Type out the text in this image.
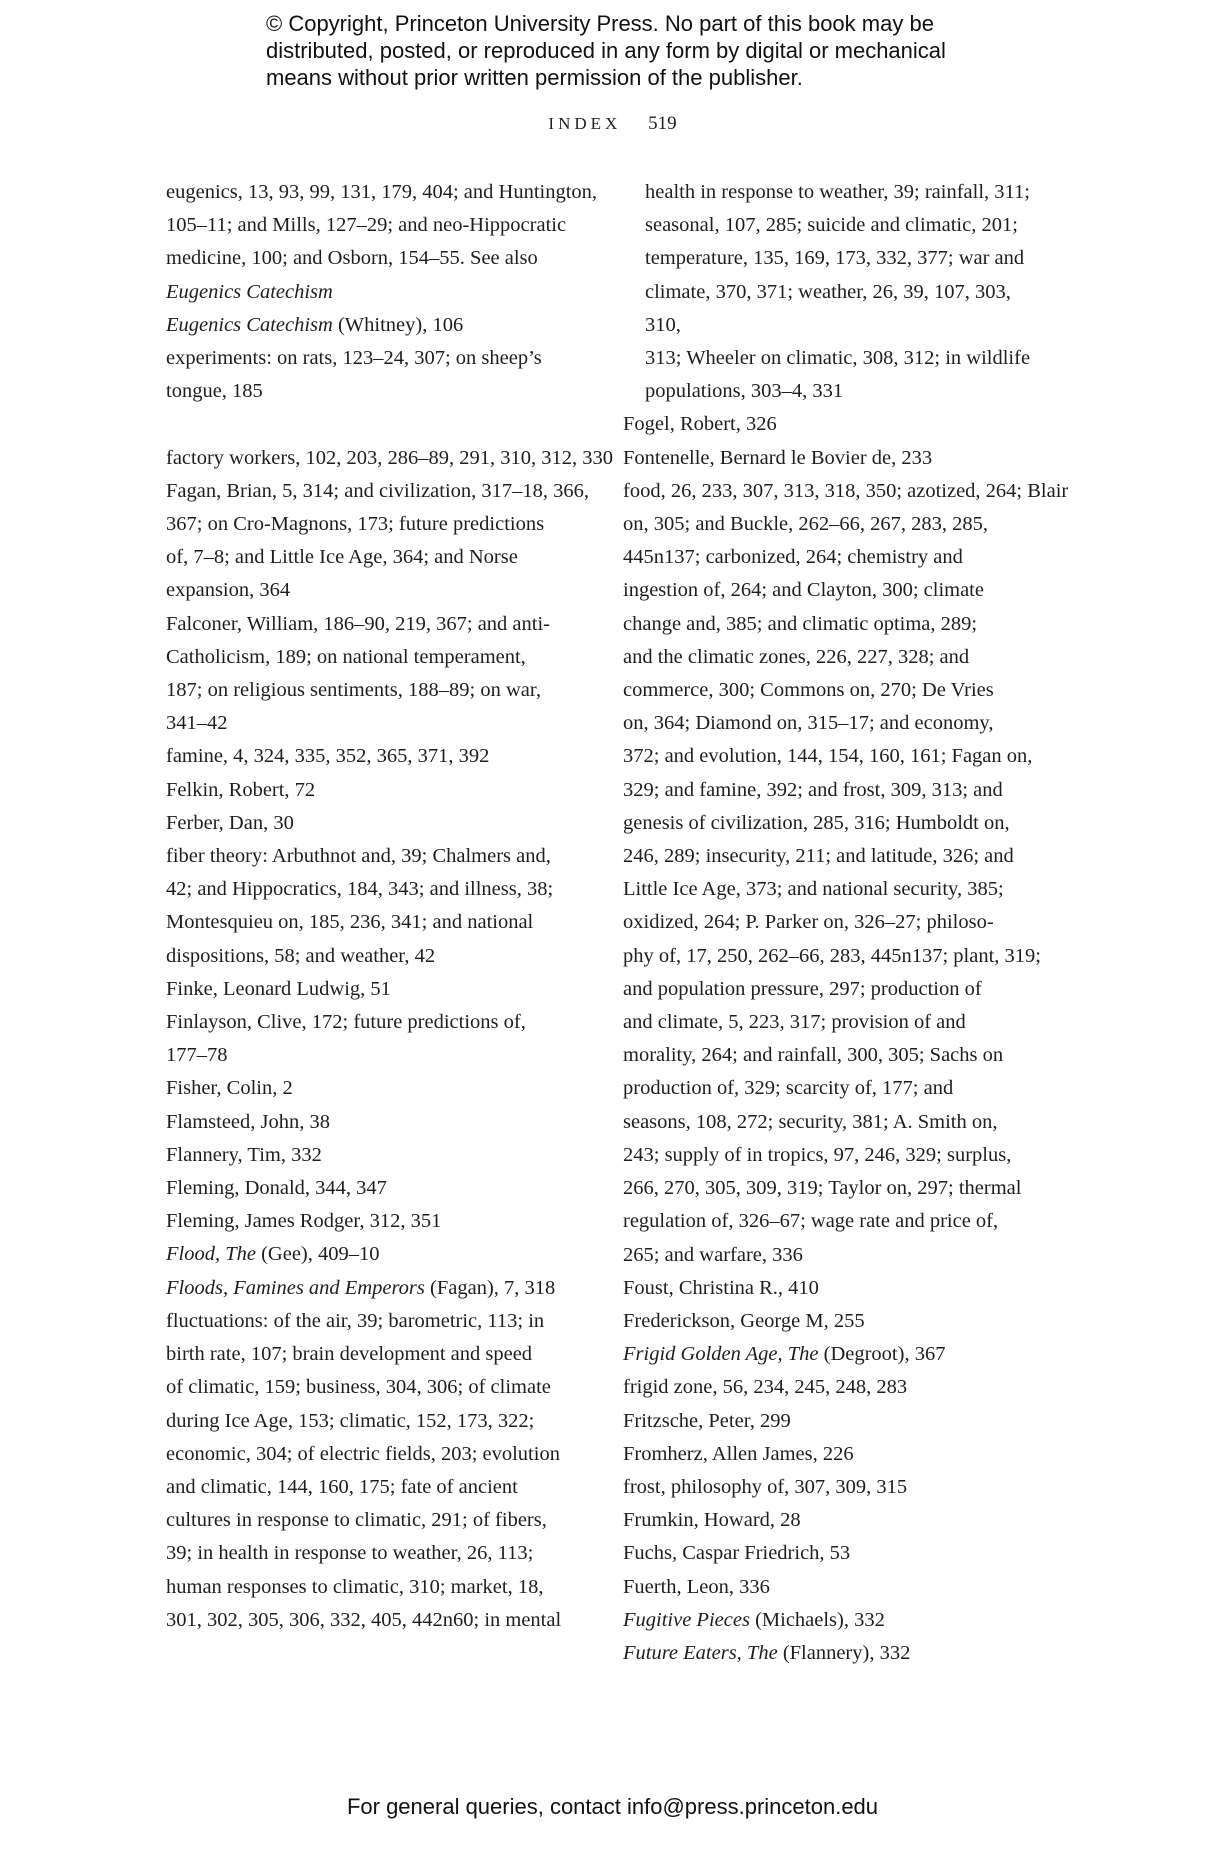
© Copyright, Princeton University Press. No part of this book may be
distributed, posted, or reproduced in any form by digital or mechanical
means without prior written permission of the publisher.
INDEX 519

eugenics, 13, 93, 99, 131, 179, 404; and Huntington,
105–11; and Mills, 127–29; and neo-Hippocratic
medicine, 100; and Osborn, 154–55. See also
Eugenics Catechism

Eugenics Catechism (Whitney), 106

experiments: on rats, 123–24, 307; on sheep’s
tongue, 185

factory workers, 102, 203, 286–89, 291, 310, 312, 330

Fagan, Brian, 5, 314; and civilization, 317–18, 366,
367; on Cro-Magnons, 173; future predictions
of, 7–8; and Little Ice Age, 364; and Norse
expansion, 364

Falconer, William, 186–90, 219, 367; and anti-
Catholicism, 189; on national temperament,
187; on religious sentiments, 188–89; on war,
341–42

famine, 4, 324, 335, 352, 365, 371, 392

Felkin, Robert, 72

Ferber, Dan, 30

fiber theory: Arbuthnot and, 39; Chalmers and,
42; and Hippocratics, 184, 343; and illness, 38;
Montesquieu on, 185, 236, 341; and national
dispositions, 58; and weather, 42

Finke, Leonard Ludwig, 51

Finlayson, Clive, 172; future predictions of,
177–78

Fisher, Colin, 2

Flamsteed, John, 38

Flannery, Tim, 332

Fleming, Donald, 344, 347

Fleming, James Rodger, 312, 351

Flood, The (Gee), 409–10

Floods, Famines and Emperors (Fagan), 7, 318

fluctuations: of the air, 39; barometric, 113; in
birth rate, 107; brain development and speed
of climatic, 159; business, 304, 306; of climate
during Ice Age, 153; climatic, 152, 173, 322;
economic, 304; of electric fields, 203; evolution
and climatic, 144, 160, 175; fate of ancient
cultures in response to climatic, 291; of fibers,
39; in health in response to weather, 26, 113;
human responses to climatic, 310; market, 18,
301, 302, 305, 306, 332, 405, 442n60; in mental

health in response to weather, 39; rainfall, 311;
seasonal, 107, 285; suicide and climatic, 201;
temperature, 135, 169, 173, 332, 377; war and
climate, 370, 371; weather, 26, 39, 107, 303, 310,
313; Wheeler on climatic, 308, 312; in wildlife
populations, 303–4, 331

Fogel, Robert, 326

Fontenelle, Bernard le Bovier de, 233

food, 26, 233, 307, 313, 318, 350; azotized, 264; Blair
on, 305; and Buckle, 262–66, 267, 283, 285,
445n137; carbonized, 264; chemistry and
ingestion of, 264; and Clayton, 300; climate
change and, 385; and climatic optima, 289;
and the climatic zones, 226, 227, 328; and
commerce, 300; Commons on, 270; De Vries
on, 364; Diamond on, 315–17; and economy,
372; and evolution, 144, 154, 160, 161; Fagan on,
329; and famine, 392; and frost, 309, 313; and
genesis of civilization, 285, 316; Humboldt on,
246, 289; insecurity, 211; and latitude, 326; and
Little Ice Age, 373; and national security, 385;
oxidized, 264; P. Parker on, 326–27; philoso-
phy of, 17, 250, 262–66, 283, 445n137; plant, 319;
and population pressure, 297; production of
and climate, 5, 223, 317; provision of and
morality, 264; and rainfall, 300, 305; Sachs on
production of, 329; scarcity of, 177; and
seasons, 108, 272; security, 381; A. Smith on,
243; supply of in tropics, 97, 246, 329; surplus,
266, 270, 305, 309, 319; Taylor on, 297; thermal
regulation of, 326–67; wage rate and price of,
265; and warfare, 336

Foust, Christina R., 410

Frederickson, George M, 255

Frigid Golden Age, The (Degroot), 367

frigid zone, 56, 234, 245, 248, 283

Fritzsche, Peter, 299

Fromherz, Allen James, 226

frost, philosophy of, 307, 309, 315

Frumkin, Howard, 28

Fuchs, Caspar Friedrich, 53

Fuerth, Leon, 336

Fugitive Pieces (Michaels), 332

Future Eaters, The (Flannery), 332

For general queries, contact info@press.princeton.edu
